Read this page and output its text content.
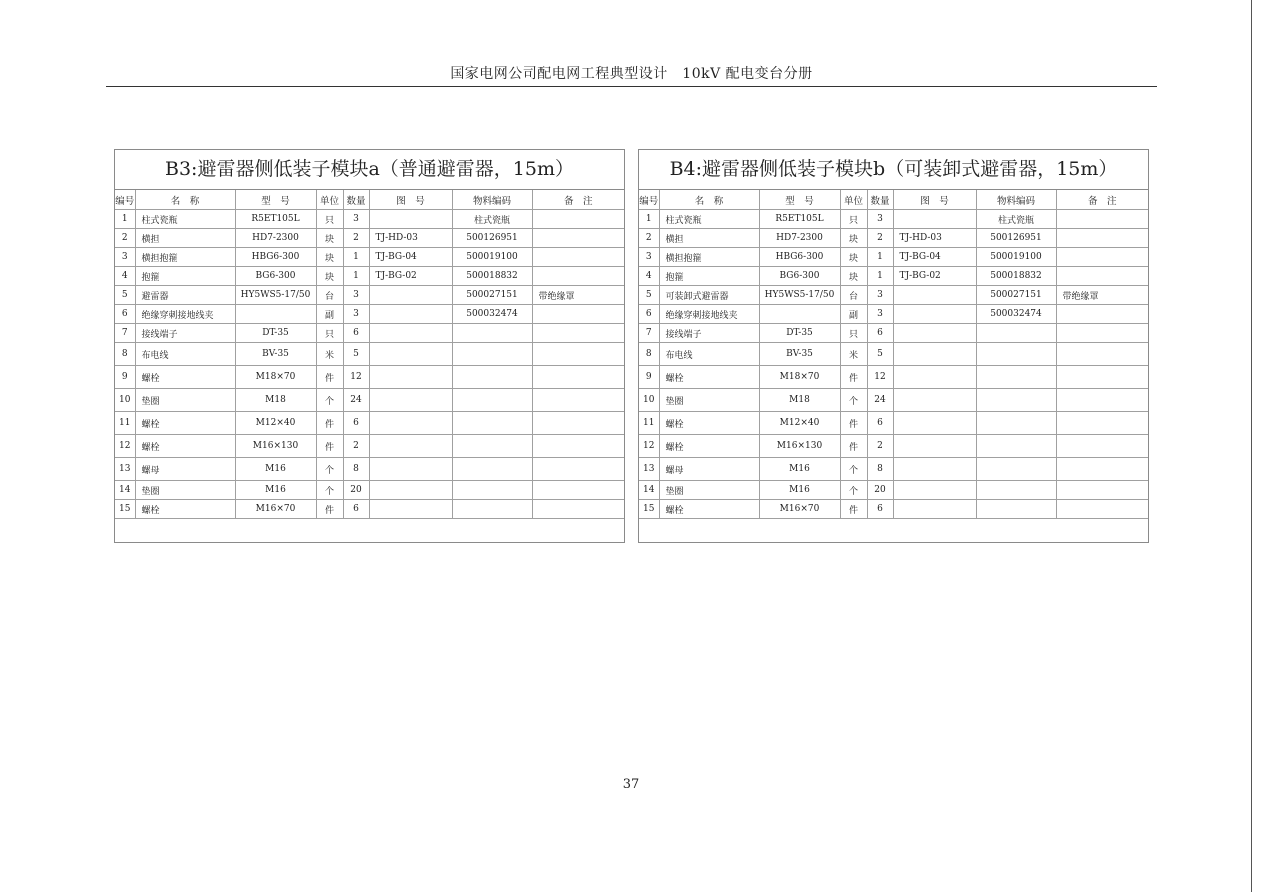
国家电网公司配电网工程典型设计　10kV 配电变台分册
B3:避雷器侧低装子模块a（普通避雷器，15m）
编号	名　称	型　号	单位	数量	图　号	物料编码	备　注
1	柱式瓷瓶	R5ET105L	只	3		柱式瓷瓶	
2	横担	HD7-2300	块	2	TJ-HD-03	500126951	
3	横担抱箍	HBG6-300	块	1	TJ-BG-04	500019100	
4	抱箍	BG6-300	块	1	TJ-BG-02	500018832	
5	避雷器	HY5WS5-17/50	台	3		500027151	带绝缘罩
6	绝缘穿刺接地线夹		副	3		500032474	
7	接线端子	DT-35	只	6			
8	布电线	BV-35	米	5			
9	螺栓	M18×70	件	12			
10	垫圈	M18	个	24			
11	螺栓	M12×40	件	6			
12	螺栓	M16×130	件	2			
13	螺母	M16	个	8			
14	垫圈	M16	个	20			
15	螺栓	M16×70	件	6			
B4:避雷器侧低装子模块b（可装卸式避雷器，15m）
编号	名　称	型　号	单位	数量	图　号	物料编码	备　注
1	柱式瓷瓶	R5ET105L	只	3		柱式瓷瓶	
2	横担	HD7-2300	块	2	TJ-HD-03	500126951	
3	横担抱箍	HBG6-300	块	1	TJ-BG-04	500019100	
4	抱箍	BG6-300	块	1	TJ-BG-02	500018832	
5	可装卸式避雷器	HY5WS5-17/50	台	3		500027151	带绝缘罩
6	绝缘穿刺接地线夹		副	3		500032474	
7	接线端子	DT-35	只	6			
8	布电线	BV-35	米	5			
9	螺栓	M18×70	件	12			
10	垫圈	M18	个	24			
11	螺栓	M12×40	件	6			
12	螺栓	M16×130	件	2			
13	螺母	M16	个	8			
14	垫圈	M16	个	20			
15	螺栓	M16×70	件	6			
37
